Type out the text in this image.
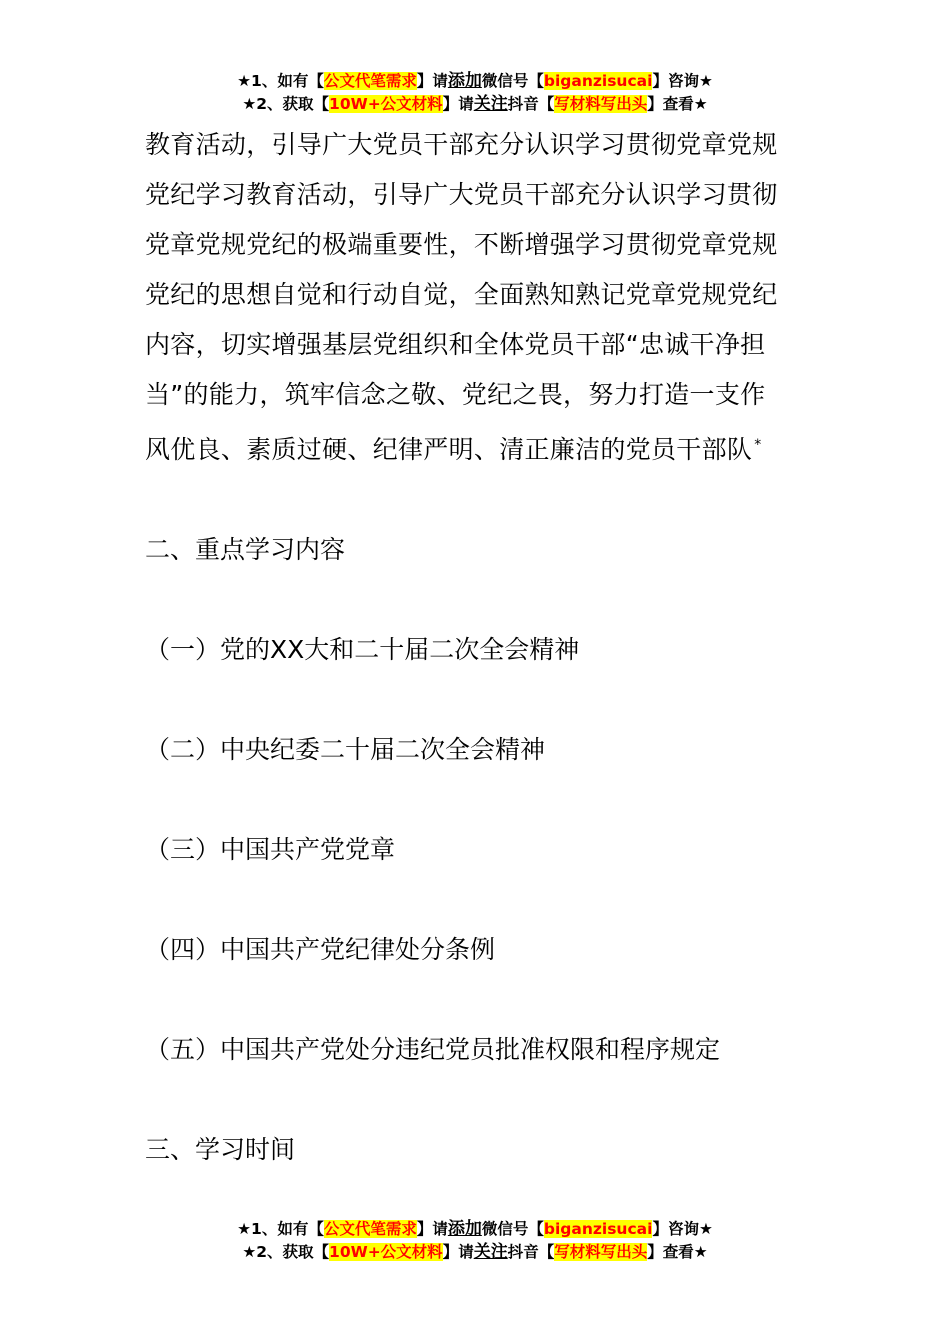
★1、如有【公文代笔需求】请添加微信号【biganzisucai】咨询★
★2、获取【10W+公文材料】请关注抖音【写材料写出头】查看★
教育活动，引导广大党员干部充分认识学习贯彻党章党规
党纪学习教育活动，引导广大党员干部充分认识学习贯彻
党章党规党纪的极端重要性，不断增强学习贯彻党章党规
党纪的思想自觉和行动自觉，全面熟知熟记党章党规党纪
内容，切实增强基层党组织和全体党员干部“忠诚干净担
当”的能力，筑牢信念之敬、党纪之畏，努力打造一支作
风优良、素质过硬、纪律严明、清正廉洁的党员干部队 *

二、重点学习内容

（一）党的XX大和二十届二次全会精神

（二）中央纪委二十届二次全会精神

（三）中国共产党党章

（四）中国共产党纪律处分条例

（五）中国共产党处分违纪党员批准权限和程序规定

三、学习时间

★1、如有【公文代笔需求】请添加微信号【biganzisucai】咨询★
★2、获取【10W+公文材料】请关注抖音【写材料写出头】查看★
